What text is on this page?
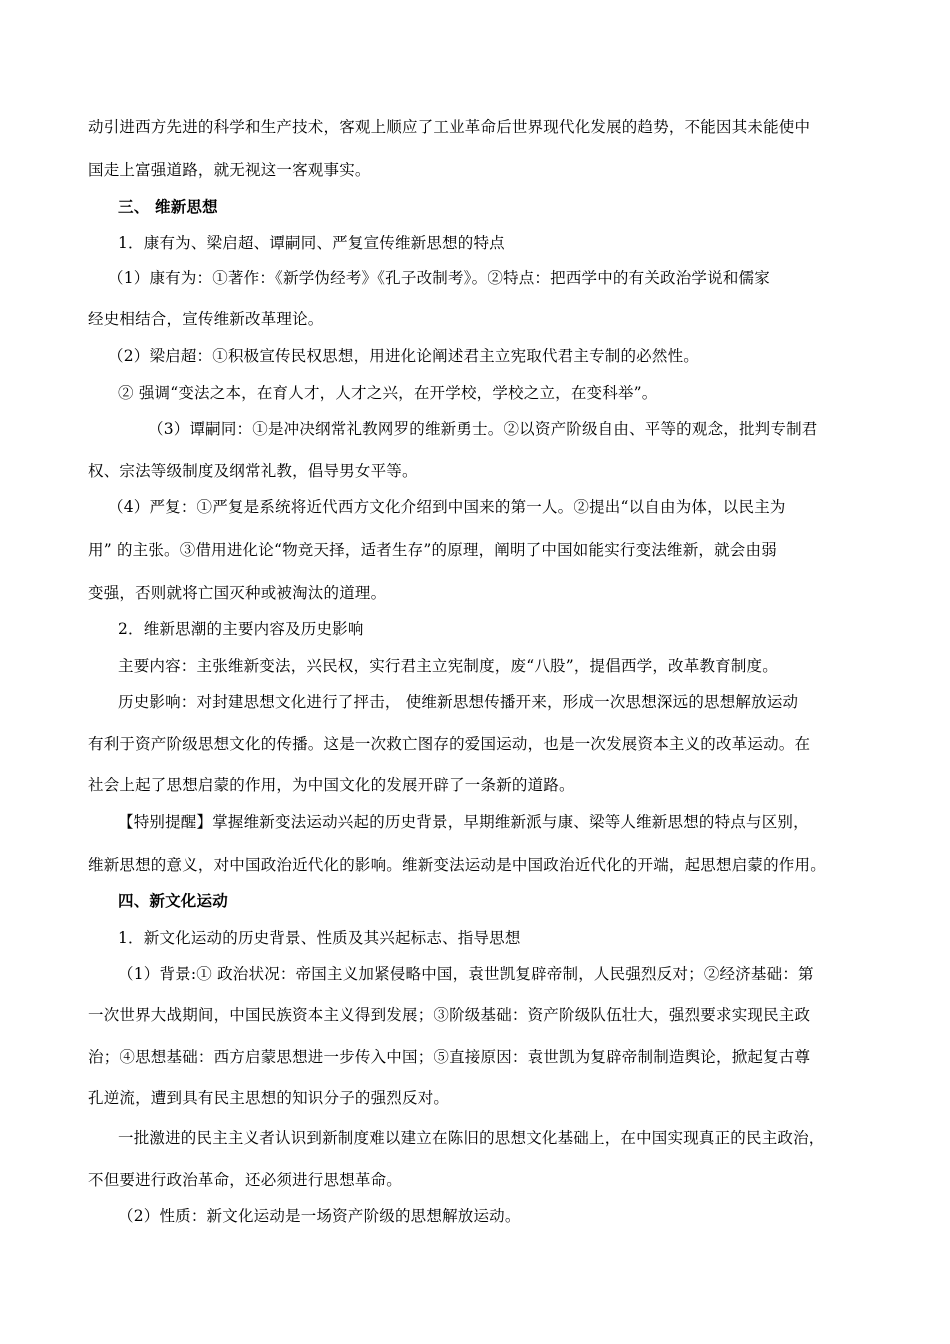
动引进西方先进的科学和生产技术，客观上顺应了工业革命后世界现代化发展的趋势，不能因其未能使中
国走上富强道路，就无视这一客观事实。
三、 维新思想
1．康有为、梁启超、谭嗣同、严复宣传维新思想的特点
（1）康有为：①著作：《新学伪经考》《孔子改制考》。②特点：把西学中的有关政治学说和儒家
经史相结合，宣传维新改革理论。
（2）梁启超：①积极宣传民权思想，用进化论阐述君主立宪取代君主专制的必然性。
② 强调“变法之本，在育人才，人才之兴，在开学校，学校之立，在变科举”。
（3）谭嗣同：①是冲决纲常礼教网罗的维新勇士。②以资产阶级自由、平等的观念，批判专制君
权、宗法等级制度及纲常礼教，倡导男女平等。
（4）严复：①严复是系统将近代西方文化介绍到中国来的第一人。②提出“以自由为体，以民主为
用” 的主张。③借用进化论“物竞天择，适者生存”的原理，阐明了中国如能实行变法维新，就会由弱
变强，否则就将亡国灭种或被淘汰的道理。
2．维新思潮的主要内容及历史影响
主要内容：主张维新变法，兴民权，实行君主立宪制度，废“八股”，提倡西学，改革教育制度。
历史影响：对封建思想文化进行了抨击， 使维新思想传播开来，形成一次思想深远的思想解放运动
有利于资产阶级思想文化的传播。这是一次救亡图存的爱国运动，也是一次发展资本主义的改革运动。在
社会上起了思想启蒙的作用，为中国文化的发展开辟了一条新的道路。
【特别提醒】掌握维新变法运动兴起的历史背景，早期维新派与康、梁等人维新思想的特点与区别，
维新思想的意义，对中国政治近代化的影响。维新变法运动是中国政治近代化的开端，起思想启蒙的作用。
四、新文化运动
1．新文化运动的历史背景、性质及其兴起标志、指导思想
（1）背景:① 政治状况：帝国主义加紧侵略中国，袁世凯复辟帝制，人民强烈反对；②经济基础：第
一次世界大战期间，中国民族资本主义得到发展；③阶级基础：资产阶级队伍壮大，强烈要求实现民主政
治；④思想基础：西方启蒙思想进一步传入中国；⑤直接原因：袁世凯为复辟帝制制造舆论，掀起复古尊
孔逆流，遭到具有民主思想的知识分子的强烈反对。
一批激进的民主主义者认识到新制度难以建立在陈旧的思想文化基础上，在中国实现真正的民主政治，
不但要进行政治革命，还必须进行思想革命。
（2）性质：新文化运动是一场资产阶级的思想解放运动。
